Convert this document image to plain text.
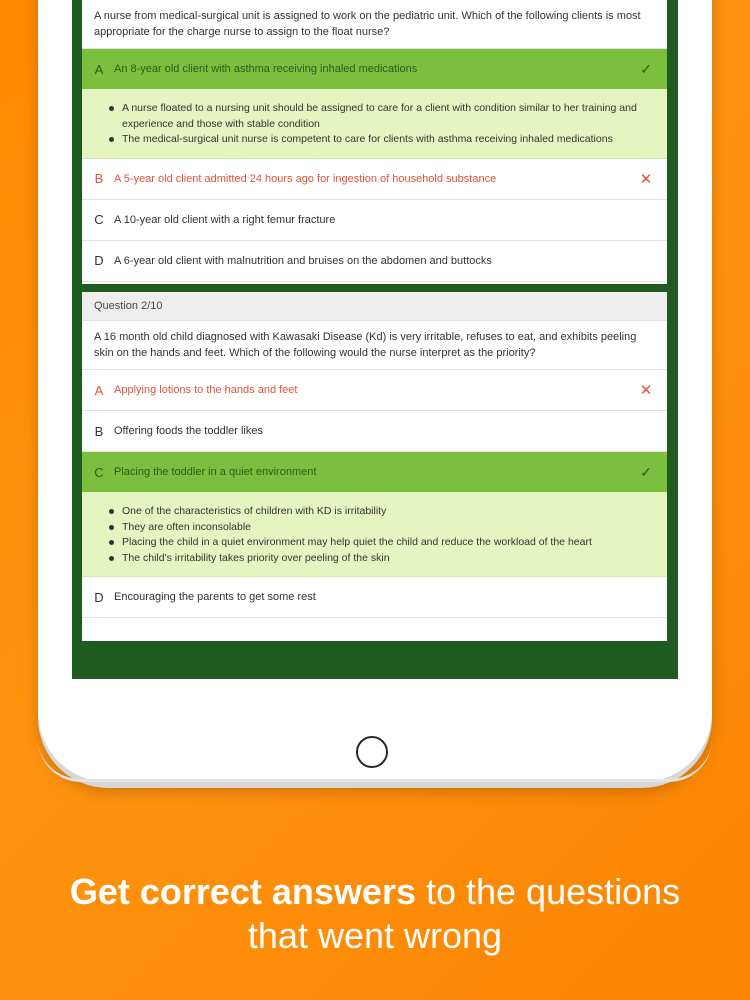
A nurse from medical-surgical unit is assigned to work on the pediatric unit. Which of the following clients is most appropriate for the charge nurse to assign to the float nurse?
A An 8-year old client with asthma receiving inhaled medications	✓
A nurse floated to a nursing unit should be assigned to care for a client with condition similar to her training and experience and those with stable condition
The medical-surgical unit nurse is competent to care for clients with asthma receiving inhaled medications
B A 5-year old client admitted 24 hours ago for ingestion of household substance	✕
C A 10-year old client with a right femur fracture
D A 6-year old client with malnutrition and bruises on the abdomen and buttocks
Question 2/10
A 16 month old child diagnosed with Kawasaki Disease (Kd) is very irritable, refuses to eat, and exhibits peeling skin on the hands and feet. Which of the following would the nurse interpret as the priority?
A Applying lotions to the hands and feet	✕
B Offering foods the toddler likes
C Placing the toddler in a quiet environment	✓
One of the characteristics of children with KD is irritability
They are often inconsolable
Placing the child in a quiet environment may help quiet the child and reduce the workload of the heart
The child's irritability takes priority over peeling of the skin
D Encouraging the parents to get some rest
Get correct answers to the questions
that went wrong
